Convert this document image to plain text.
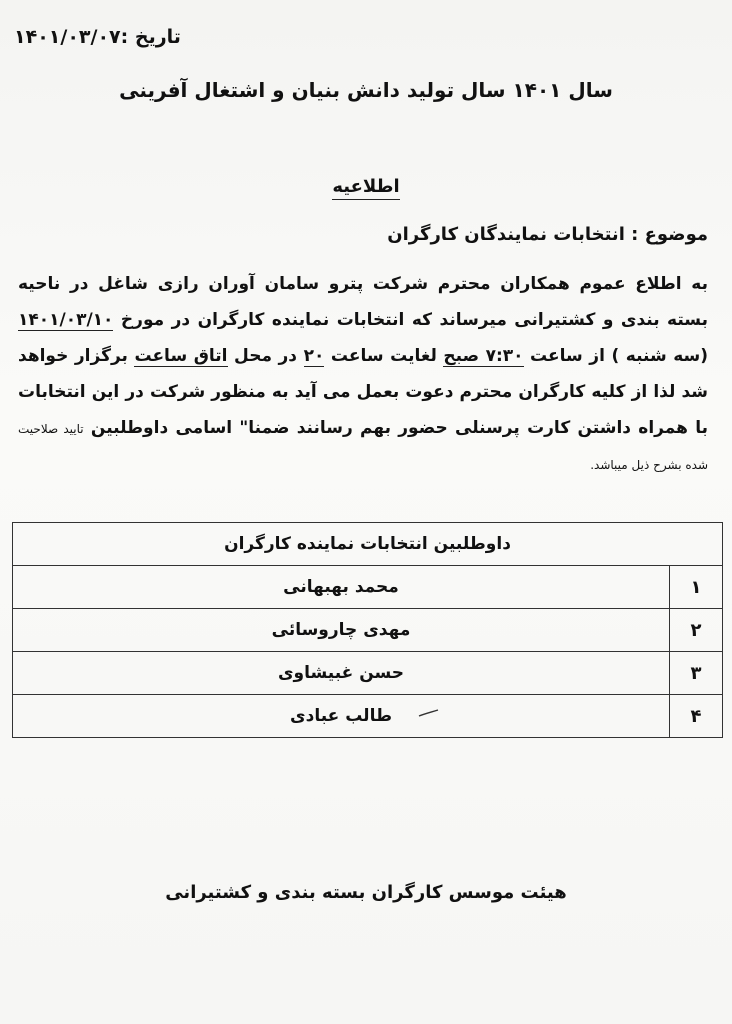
تاریخ :۱۴۰۱/۰۳/۰۷
سال ۱۴۰۱ سال تولید دانش بنیان و اشتغال آفرینی
اطلاعیه
موضوع : انتخابات نمایندگان کارگران
به اطلاع عموم همکاران محترم شرکت پترو سامان آوران رازی شاغل در ناحیه بسته بندی و کشتیرانی میرساند که انتخابات نماینده کارگران در مورخ ۱۴۰۱/۰۳/۱۰ (سه شنبه ) از ساعت ۷:۳۰ صبح لغایت ساعت ۲۰ در محل اتاق ساعت برگزار خواهد شد لذا از کلیه کارگران محترم دعوت بعمل می آید به منظور شرکت در این انتخابات با همراه داشتن کارت پرسنلی حضور بهم رسانند ضمنا" اسامی داوطلبین تایید صلاحیت شده بشرح ذیل میباشد.
داوطلبین انتخابات نماینده کارگران	
۱	محمد بهبهانی
۲	مهدی چاروسائی
۳	حسن غبیشاوی
۴	طالب عبادی
هیئت موسس کارگران بسته بندی و کشتیرانی
